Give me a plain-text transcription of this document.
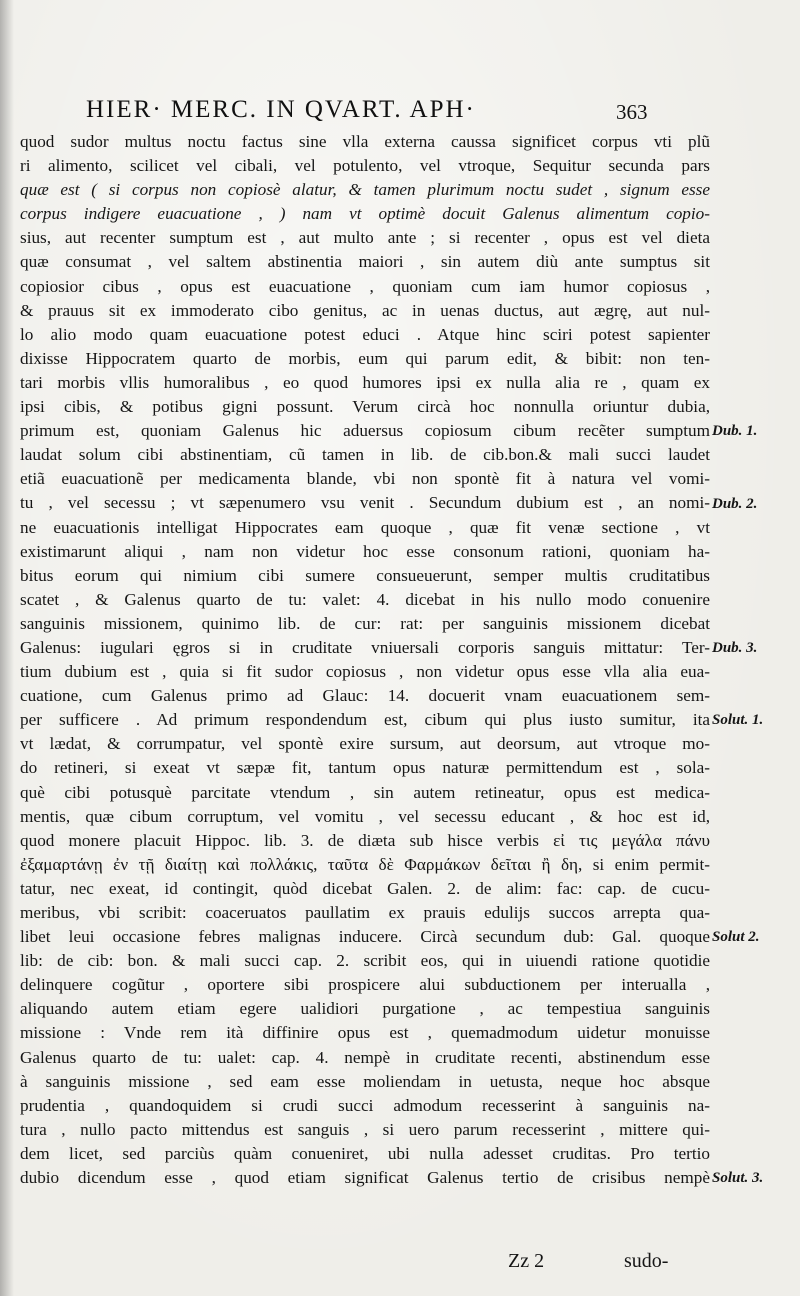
HIER· MERC. IN QVART. APH·	363
quod sudor multus noctu factus sine vlla externa caussa significet corpus vti plũ
ri alimento, scilicet vel cibali, vel potulento, vel vtroque, Sequitur secunda pars
quæ est ( si corpus non copiosè alatur, & tamen plurimum noctu sudet , signum esse
corpus indigere euacuatione , ) nam vt optimè docuit Galenus alimentum copio-
sius, aut recenter sumptum est , aut multo ante ; si recenter , opus est vel dieta
quæ consumat , vel saltem abstinentia maiori , sin autem diù ante sumptus sit
copiosior cibus , opus est euacuatione , quoniam cum iam humor copiosus ,
& prauus sit ex immoderato cibo genitus, ac in uenas ductus, aut ægrę, aut nul-
lo alio modo quam euacuatione potest educi . Atque hinc sciri potest sapienter
dixisse Hippocratem quarto de morbis, eum qui parum edit, & bibit: non ten-
tari morbis vllis humoralibus , eo quod humores ipsi ex nulla alia re , quam ex
ipsi cibis, & potibus gigni possunt. Verum circà hoc nonnulla oriuntur dubia,
primum est, quoniam Galenus hic aduersus copiosum cibum recẽter sumptum
laudat solum cibi abstinentiam, cũ tamen in lib. de cib.bon.& mali succi laudet
etiã euacuationẽ per medicamenta blande, vbi non spontè fit à natura vel vomi-
tu , vel secessu ; vt sæpenumero vsu venit . Secundum dubium est , an nomi-
ne euacuationis intelligat Hippocrates eam quoque , quæ fit venæ sectione , vt
existimarunt aliqui , nam non videtur hoc esse consonum rationi, quoniam ha-
bitus eorum qui nimium cibi sumere consueuerunt, semper multis cruditatibus
scatet , & Galenus quarto de tu: valet: 4. dicebat in his nullo modo conuenire
sanguinis missionem, quinimo lib. de cur: rat: per sanguinis missionem dicebat
Galenus: iugulari ęgros si in cruditate vniuersali corporis sanguis mittatur: Ter-
tium dubium est , quia si fit sudor copiosus , non videtur opus esse vlla alia eua-
cuatione, cum Galenus primo ad Glauc: 14. docuerit vnam euacuationem sem-
per sufficere . Ad primum respondendum est, cibum qui plus iusto sumitur, ita
vt lædat, & corrumpatur, vel spontè exire sursum, aut deorsum, aut vtroque mo-
do retineri, si exeat vt sæpæ fit, tantum opus naturæ permittendum est , sola-
què cibi potusquè parcitate vtendum , sin autem retineatur, opus est medica-
mentis, quæ cibum corruptum, vel vomitu , vel secessu educant , & hoc est id,
quod monere placuit Hippoc. lib. 3. de diæta sub hisce verbis εἰ τις μεγάλα πάνυ
ἐξαμαρτάνῃ ἐν τῇ διαίτῃ καὶ πολλάκις, ταῦτα δὲ Φαρμάκων δεῖται ἢ δη, si enim permit-
tatur, nec exeat, id contingit, quòd dicebat Galen. 2. de alim: fac: cap. de cucu-
meribus, vbi scribit: coaceruatos paullatim ex prauis edulijs succos arrepta qua-
libet leui occasione febres malignas inducere. Circà secundum dub: Gal. quoque
lib: de cib: bon. & mali succi cap. 2. scribit eos, qui in uiuendi ratione quotidie
delinquere cogũtur , oportere sibi prospicere alui subductionem per interualla ,
aliquando autem etiam egere ualidiori purgatione , ac tempestiua sanguinis
missione : Vnde rem ità diffinire opus est , quemadmodum uidetur monuisse
Galenus quarto de tu: ualet: cap. 4. nempè in cruditate recenti, abstinendum esse
à sanguinis missione , sed eam esse moliendam in uetusta, neque hoc absque
prudentia , quandoquidem si crudi succi admodum recesserint à sanguinis na-
tura , nullo pacto mittendus est sanguis , si uero parum recesserint , mittere qui-
dem licet, sed parciùs quàm conueniret, ubi nulla adesset cruditas. Pro tertio
dubio dicendum esse , quod etiam significat Galenus tertio de crisibus nempè
Dub. 1.
Dub. 2.
Dub. 3.
Solut. 1.
Solut 2.
Solut. 3.
Zz 2	sudo-
